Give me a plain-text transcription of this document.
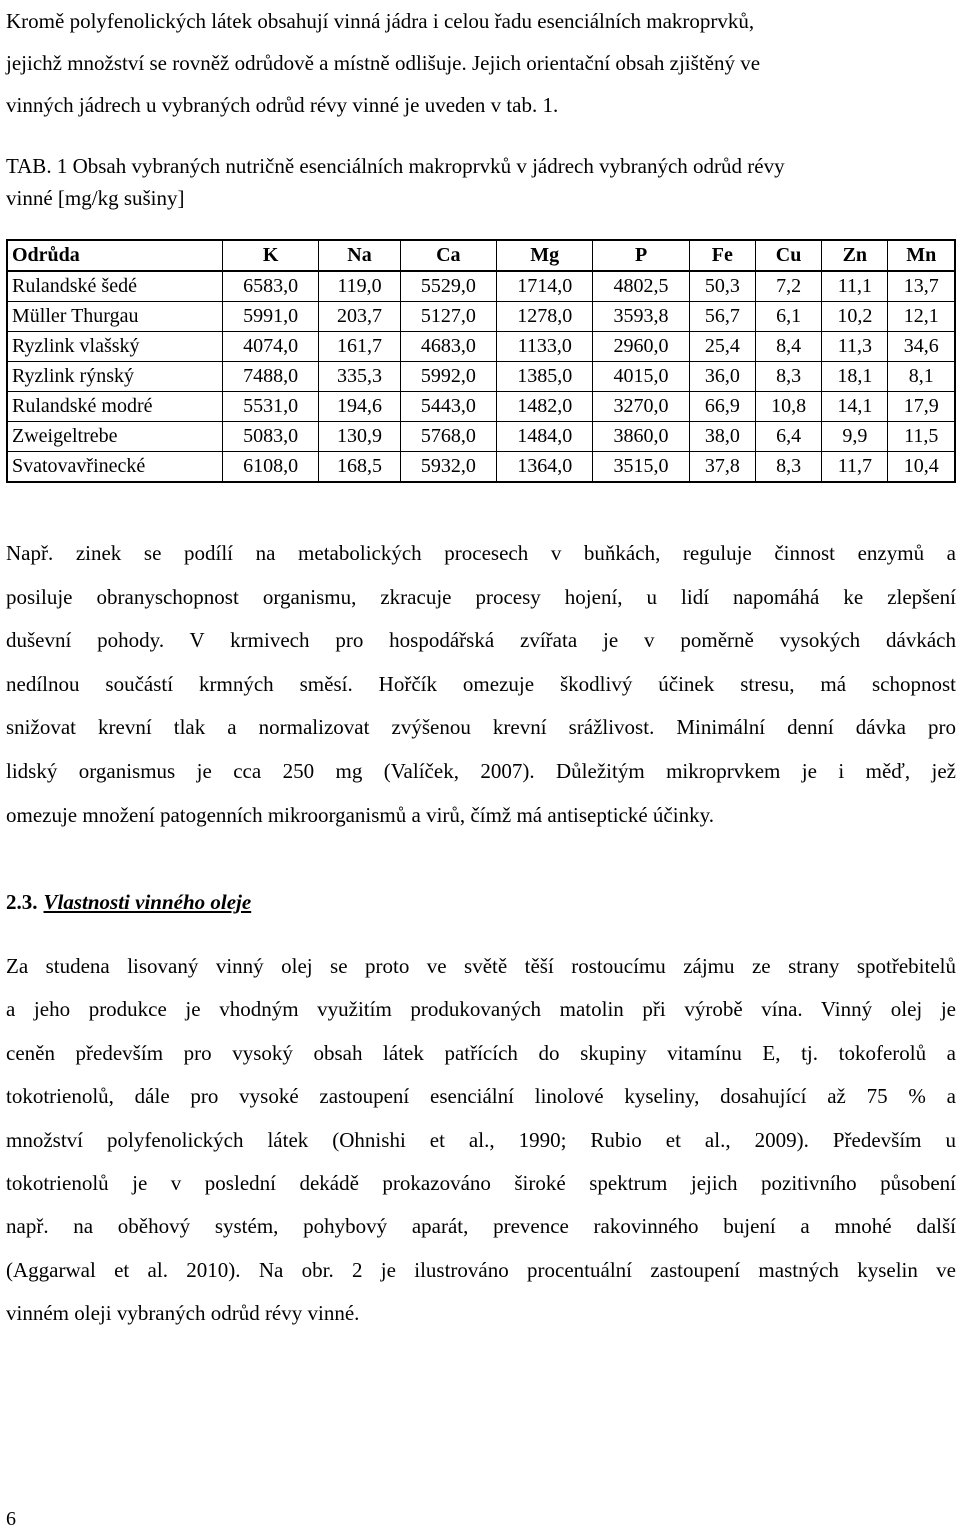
Kromě polyfenolických látek obsahují vinná jádra i celou řadu esenciálních makroprvků,
jejichž množství se rovněž odrůdově a místně odlišuje. Jejich orientační obsah zjištěný ve
vinných jádrech u vybraných odrůd révy vinné je uveden v tab. 1.

TAB. 1 Obsah vybraných nutričně esenciálních makroprvků v jádrech vybraných odrůd révy
vinné [mg/kg sušiny]

Odrůda	K	Na	Ca	Mg	P	Fe	Cu	Zn	Mn
Rulandské šedé	6583,0	119,0	5529,0	1714,0	4802,5	50,3	7,2	11,1	13,7
Müller Thurgau	5991,0	203,7	5127,0	1278,0	3593,8	56,7	6,1	10,2	12,1
Ryzlink vlašský	4074,0	161,7	4683,0	1133,0	2960,0	25,4	8,4	11,3	34,6
Ryzlink rýnský	7488,0	335,3	5992,0	1385,0	4015,0	36,0	8,3	18,1	8,1
Rulandské modré	5531,0	194,6	5443,0	1482,0	3270,0	66,9	10,8	14,1	17,9
Zweigeltrebe	5083,0	130,9	5768,0	1484,0	3860,0	38,0	6,4	9,9	11,5
Svatovavřinecké	6108,0	168,5	5932,0	1364,0	3515,0	37,8	8,3	11,7	10,4

Např. zinek se podílí na metabolických procesech v buňkách, reguluje činnost enzymů a
posiluje obranyschopnost organismu, zkracuje procesy hojení, u lidí napomáhá ke zlepšení
duševní pohody. V krmivech pro hospodářská zvířata je v poměrně vysokých dávkách
nedílnou součástí krmných směsí. Hořčík omezuje škodlivý účinek stresu, má schopnost
snižovat krevní tlak a normalizovat zvýšenou krevní srážlivost. Minimální denní dávka pro
lidský organismus je cca 250 mg (Valíček, 2007). Důležitým mikroprvkem je i měď, jež
omezuje množení patogenních mikroorganismů a virů, čímž má antiseptické účinky.

2.3. Vlastnosti vinného oleje

Za studena lisovaný vinný olej se proto ve světě těší rostoucímu zájmu ze strany spotřebitelů
a jeho produkce je vhodným využitím produkovaných matolin při výrobě vína. Vinný olej je
ceněn především pro vysoký obsah látek patřících do skupiny vitamínu E, tj. tokoferolů a
tokotrienolů, dále pro vysoké zastoupení esenciální linolové kyseliny, dosahující až 75 % a
množství polyfenolických látek (Ohnishi et al., 1990; Rubio et al., 2009). Především u
tokotrienolů je v poslední dekádě prokazováno široké spektrum jejich pozitivního působení
např. na oběhový systém, pohybový aparát, prevence rakovinného bujení a mnohé další
(Aggarwal et al. 2010). Na obr. 2 je ilustrováno procentuální zastoupení mastných kyselin ve
vinném oleji vybraných odrůd révy vinné.

6
